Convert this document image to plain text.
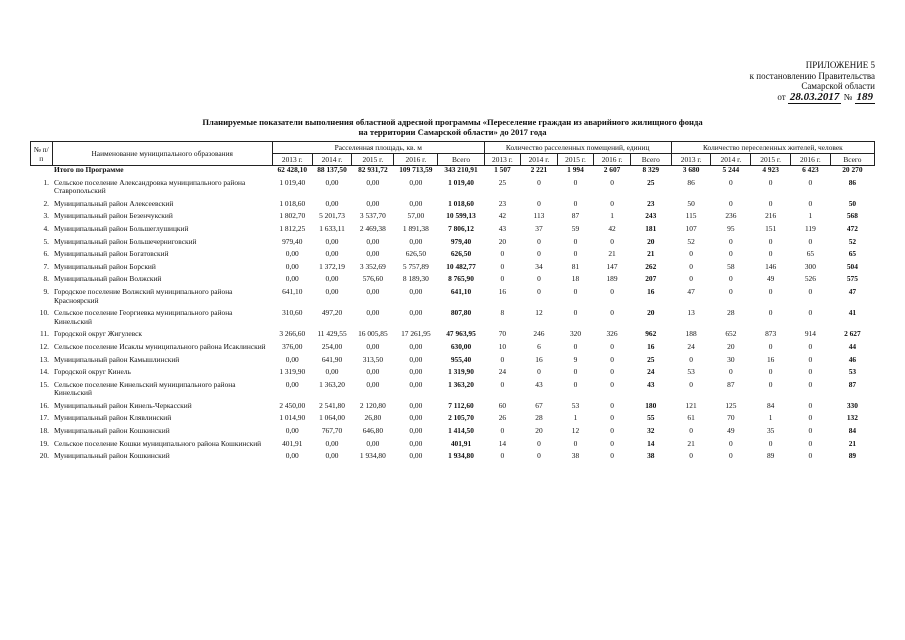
ПРИЛОЖЕНИЕ 5
к постановлению Правительства
Самарской области
от 28.03.2017 № 189
Планируемые показатели выполнения областной адресной программы «Переселение граждан из аварийного жилищного фонда
на территории Самарской области» до 2017 года
№ п/п	Наименование муниципального образования	Расселенная площадь, кв. м					Количество расселенных помещений, единиц					Количество переселенных жителей, человек				
		2013 г.	2014 г.	2015 г.	2016 г.	Всего	2013 г.	2014 г.	2015 г.	2016 г.	Всего	2013 г.	2014 г.	2015 г.	2016 г.	Всего
	Итого по Программе	62 428,10	88 137,50	82 931,72	109 713,59	343 210,91	1 507	2 221	1 994	2 607	8 329	3 680	5 244	4 923	6 423	20 270

1.	Сельское поселение Александровка муниципального района Ставропольский	1 019,40	0,00	0,00	0,00	1 019,40	25	0	0	0	25	86	0	0	0	86

2.	Муниципальный район Алексеевский	1 018,60	0,00	0,00	0,00	1 018,60	23	0	0	0	23	50	0	0	0	50

3.	Муниципальный район Безенчукский	1 802,70	5 201,73	3 537,70	57,00	10 599,13	42	113	87	1	243	115	236	216	1	568

4.	Муниципальный район Большеглушицкий	1 812,25	1 633,11	2 469,38	1 891,38	7 806,12	43	37	59	42	181	107	95	151	119	472

5.	Муниципальный район Большечерниговский	979,40	0,00	0,00	0,00	979,40	20	0	0	0	20	52	0	0	0	52

6.	Муниципальный район Богатовский	0,00	0,00	0,00	626,50	626,50	0	0	0	21	21	0	0	0	65	65

7.	Муниципальный район Борский	0,00	1 372,19	3 352,69	5 757,89	10 482,77	0	34	81	147	262	0	58	146	300	504

8.	Муниципальный район Волжский	0,00	0,00	576,60	8 189,30	8 765,90	0	0	18	189	207	0	0	49	526	575

9.	Городское поселение Волжский муниципального района Красноярский	641,10	0,00	0,00	0,00	641,10	16	0	0	0	16	47	0	0	0	47

10.	Сельское поселение Георгиевка муниципального района Кинельский	310,60	497,20	0,00	0,00	807,80	8	12	0	0	20	13	28	0	0	41

11.	Городской округ Жигулевск	3 266,60	11 429,55	16 005,85	17 261,95	47 963,95	70	246	320	326	962	188	652	873	914	2 627

12.	Сельское поселение Исаклы муниципального района Исаклинский	376,00	254,00	0,00	0,00	630,00	10	6	0	0	16	24	20	0	0	44

13.	Муниципальный район Камышлинский	0,00	641,90	313,50	0,00	955,40	0	16	9	0	25	0	30	16	0	46

14.	Городской округ Кинель	1 319,90	0,00	0,00	0,00	1 319,90	24	0	0	0	24	53	0	0	0	53

15.	Сельское поселение Кинельский муниципального района Кинельский	0,00	1 363,20	0,00	0,00	1 363,20	0	43	0	0	43	0	87	0	0	87

16.	Муниципальный район Кинель-Черкасский	2 450,00	2 541,80	2 120,80	0,00	7 112,60	60	67	53	0	180	121	125	84	0	330

17.	Муниципальный район Клявлинский	1 014,90	1 064,00	26,80	0,00	2 105,70	26	28	1	0	55	61	70	1	0	132

18.	Муниципальный район Кошкинский	0,00	767,70	646,80	0,00	1 414,50	0	20	12	0	32	0	49	35	0	84

19.	Сельское поселение Кошки муниципального района Кошкинский	401,91	0,00	0,00	0,00	401,91	14	0	0	0	14	21	0	0	0	21

20.	Муниципальный район Кошкинский	0,00	0,00	1 934,80	0,00	1 934,80	0	0	38	0	38	0	0	89	0	89
